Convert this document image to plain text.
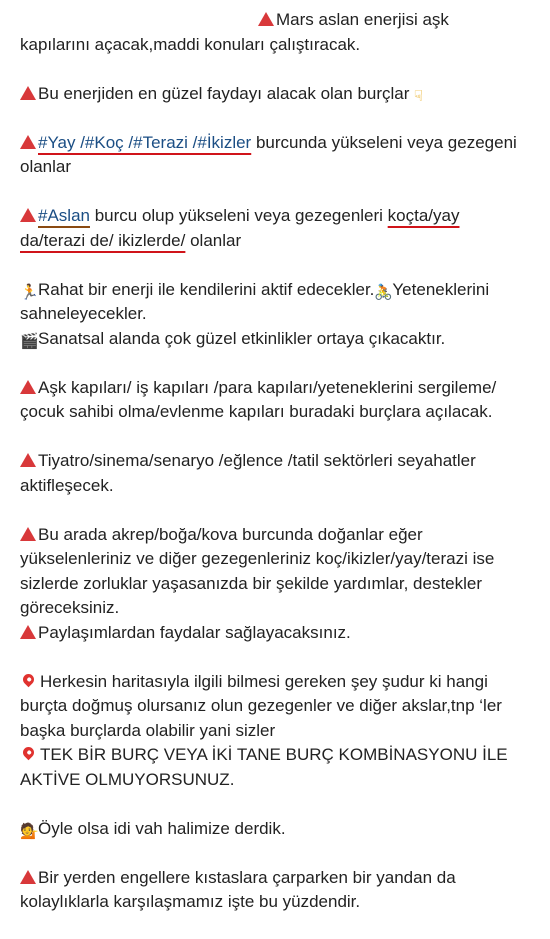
Mars aslan enerjisi aşk
kapılarını açacak,maddi konuları çalıştıracak.
Bu enerjiden en güzel faydayı alacak olan burçlar ☟
#Yay /#Koç /#Terazi /#İkizler burcunda yükseleni veya gezegeni olanlar
#Aslan burcu olup yükseleni veya gezegenleri koçta/yay
da/terazi de/ ikizlerde/ olanlar
🏃Rahat bir enerji ile kendilerini aktif edecekler.🚴Yeteneklerini sahneleyecekler.
🎬Sanatsal alanda çok güzel etkinlikler ortaya çıkacaktır.
Aşk kapıları/ iş kapıları /para kapıları/yeteneklerini sergileme/çocuk sahibi olma/evlenme kapıları buradaki burçlara açılacak.
Tiyatro/sinema/senaryo /eğlence /tatil sektörleri seyahatler aktifleşecek.
Bu arada akrep/boğa/kova burcunda doğanlar eğer yükselenleriniz ve diğer gezegenleriniz koç/ikizler/yay/terazi ise sizlerde zorluklar yaşasanızda bir şekilde yardımlar, destekler göreceksiniz.
Paylaşımlardan faydalar sağlayacaksınız.
Herkesin haritasıyla ilgili bilmesi gereken şey şudur ki hangi burçta doğmuş olursanız olun gezegenler ve diğer akslar,tnp ‘ler başka burçlarda olabilir yani sizler
TEK BİR BURÇ VEYA İKİ TANE BURÇ KOMBİNASYONU İLE AKTİVE OLMUYORSUNUZ.
💁Öyle olsa idi vah halimize derdik.
Bir yerden engellere kıstaslara çarparken bir yandan da kolaylıklarla karşılaşmamız işte bu yüzdendir.
